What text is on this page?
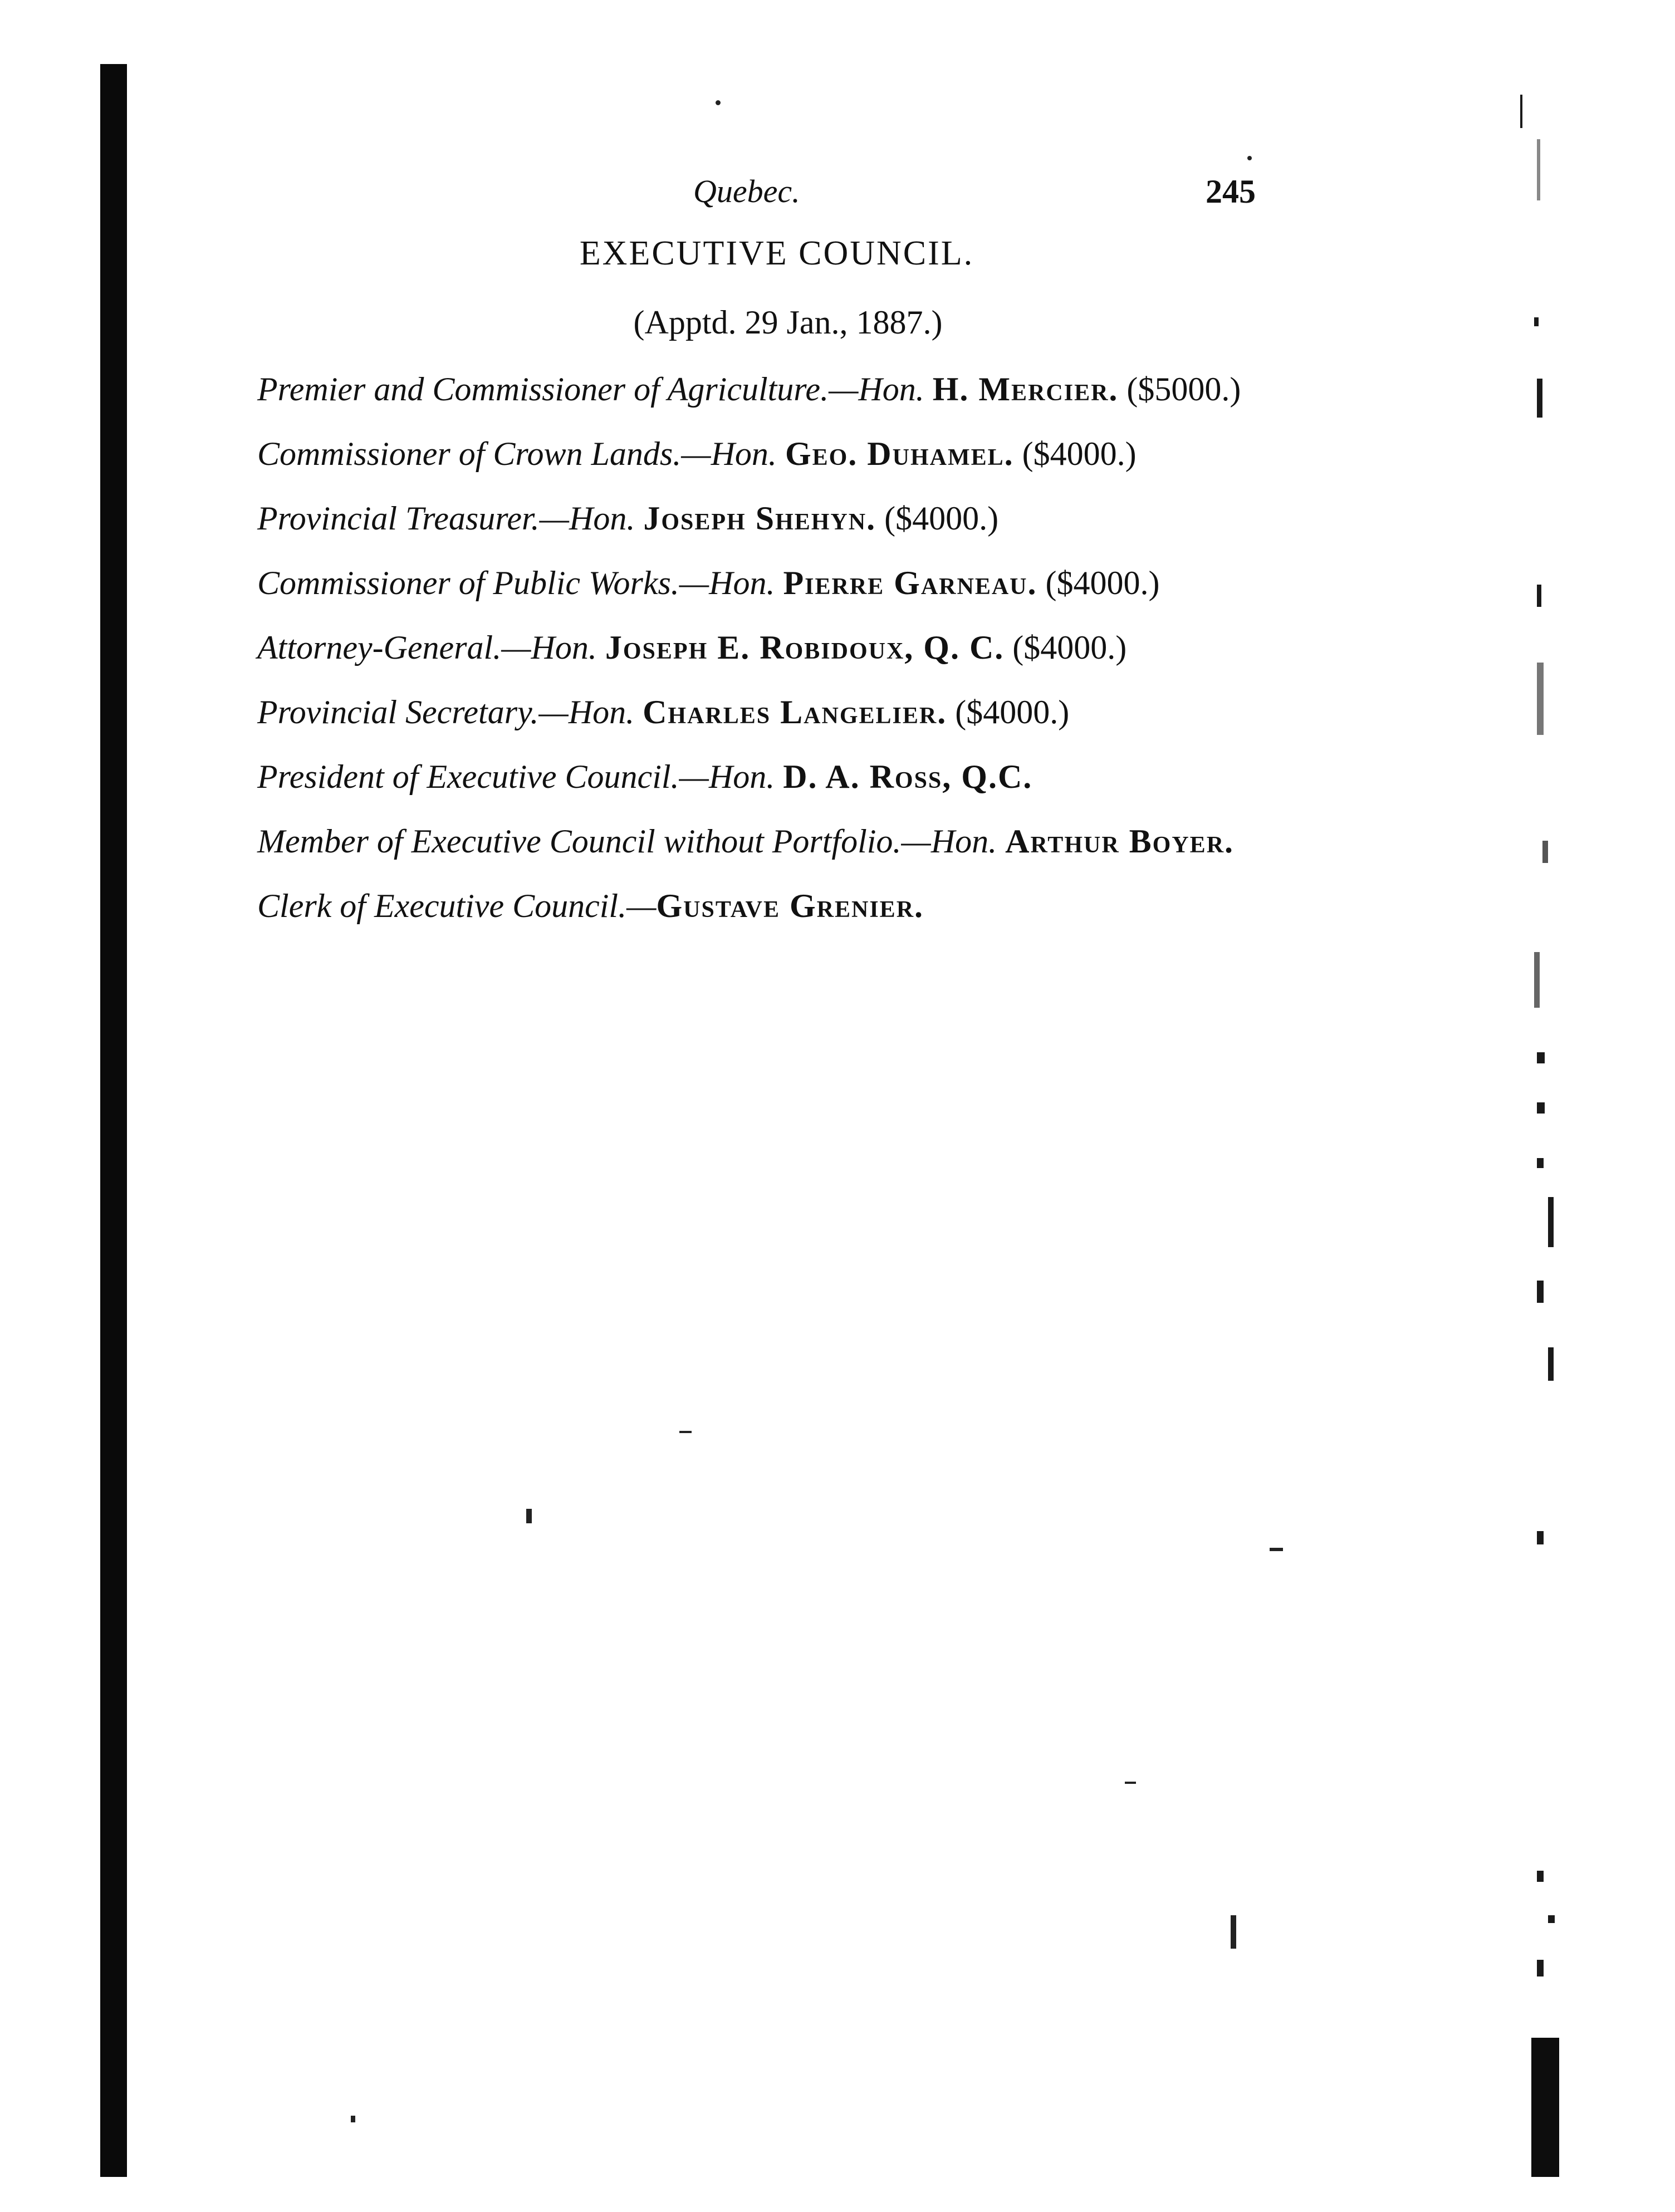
Quebec.	245
EXECUTIVE COUNCIL.
(Apptd. 29 Jan., 1887.)

Premier and Commissioner of Agriculture.—Hon. H. Mercier. ($5000.)

Commissioner of Crown Lands.—Hon. Geo. Duhamel. ($4000.)

Provincial Treasurer.—Hon. Joseph Shehyn. ($4000.)

Commissioner of Public Works.—Hon. Pierre Garneau. ($4000.)

Attorney-General.—Hon. Joseph E. Robidoux, Q. C. ($4000.)

Provincial Secretary.—Hon. Charles Langelier. ($4000.)

President of Executive Council.—Hon. D. A. Ross, Q.C.

Member of Executive Council without Portfolio.—Hon. Arthur Boyer.

Clerk of Executive Council.—Gustave Grenier.
